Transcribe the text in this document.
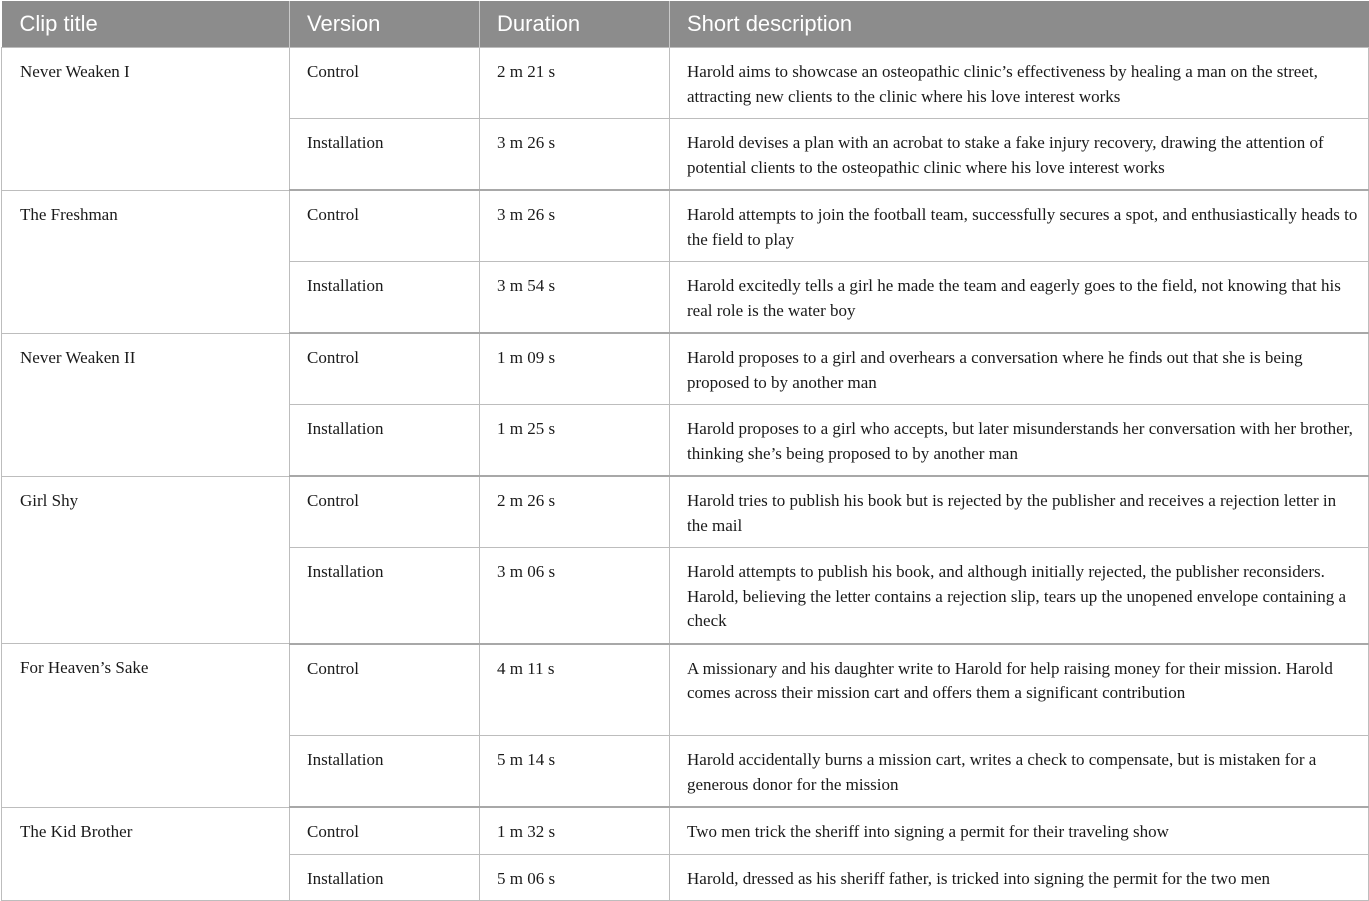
Clip title	Version	Duration	Short description
Never Weaken I	Control	2 m 21 s	Harold aims to showcase an osteopathic clinic’s effectiveness by healing a man on the street, attracting new clients to the clinic where his love interest works
	Installation	3 m 26 s	Harold devises a plan with an acrobat to stake a fake injury recovery, drawing the attention of potential clients to the osteopathic clinic where his love interest works
The Freshman	Control	3 m 26 s	Harold attempts to join the football team, successfully secures a spot, and enthusiastically heads to the field to play
	Installation	3 m 54 s	Harold excitedly tells a girl he made the team and eagerly goes to the field, not knowing that his real role is the water boy
Never Weaken II	Control	1 m 09 s	Harold proposes to a girl and overhears a conversation where he finds out that she is being proposed to by another man
	Installation	1 m 25 s	Harold proposes to a girl who accepts, but later misunderstands her conversation with her brother, thinking she’s being proposed to by another man
Girl Shy	Control	2 m 26 s	Harold tries to publish his book but is rejected by the publisher and receives a rejection letter in the mail
	Installation	3 m 06 s	Harold attempts to publish his book, and although initially rejected, the publisher reconsiders. Harold, believing the letter contains a rejection slip, tears up the unopened envelope containing a check
For Heaven’s Sake	Control	4 m 11 s	A missionary and his daughter write to Harold for help raising money for their mission. Harold comes across their mission cart and offers them a significant contribution
	Installation	5 m 14 s	Harold accidentally burns a mission cart, writes a check to compensate, but is mistaken for a generous donor for the mission
The Kid Brother	Control	1 m 32 s	Two men trick the sheriff into signing a permit for their traveling show
	Installation	5 m 06 s	Harold, dressed as his sheriff father, is tricked into signing the permit for the two men
